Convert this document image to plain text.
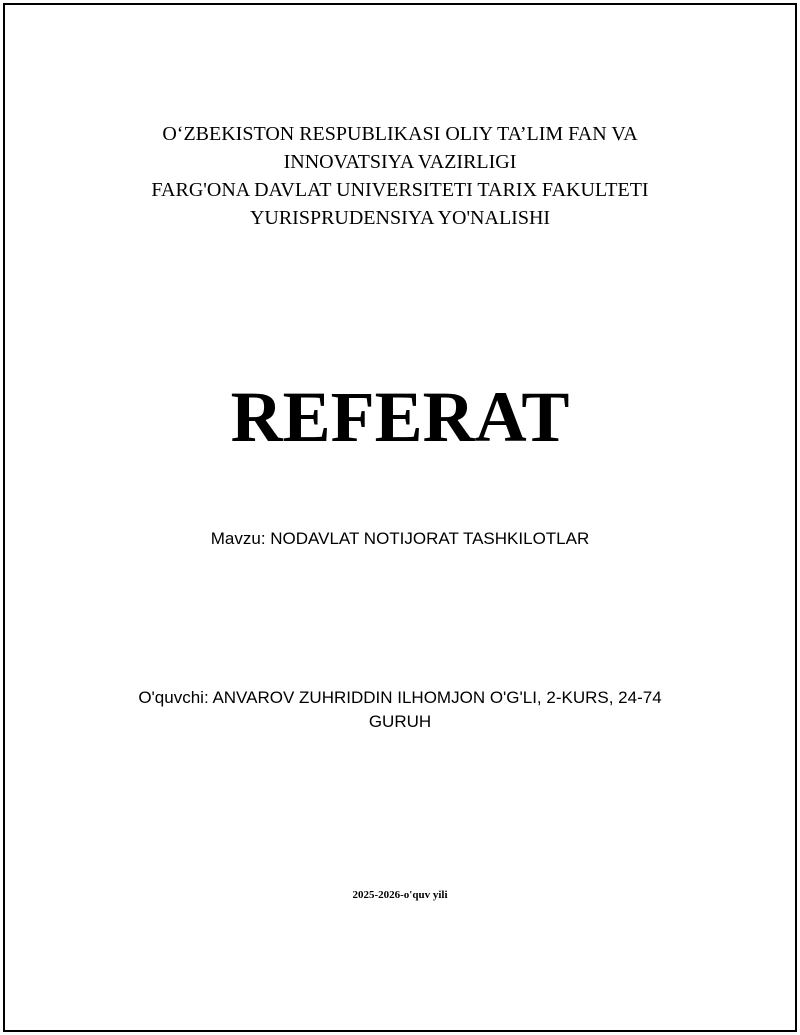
O‘ZBEKISTON RESPUBLIKASI OLIY TA’LIM FAN VA
INNOVATSIYA VAZIRLIGI
FARG'ONA DAVLAT UNIVERSITETI TARIX FAKULTETI
YURISPRUDENSIYA YO'NALISHI
REFERAT
Mavzu: NODAVLAT NOTIJORAT TASHKILOTLAR
O'quvchi: ANVAROV ZUHRIDDIN ILHOMJON O'G'LI, 2-KURS, 24-74
GURUH
2025-2026-o'quv yili
